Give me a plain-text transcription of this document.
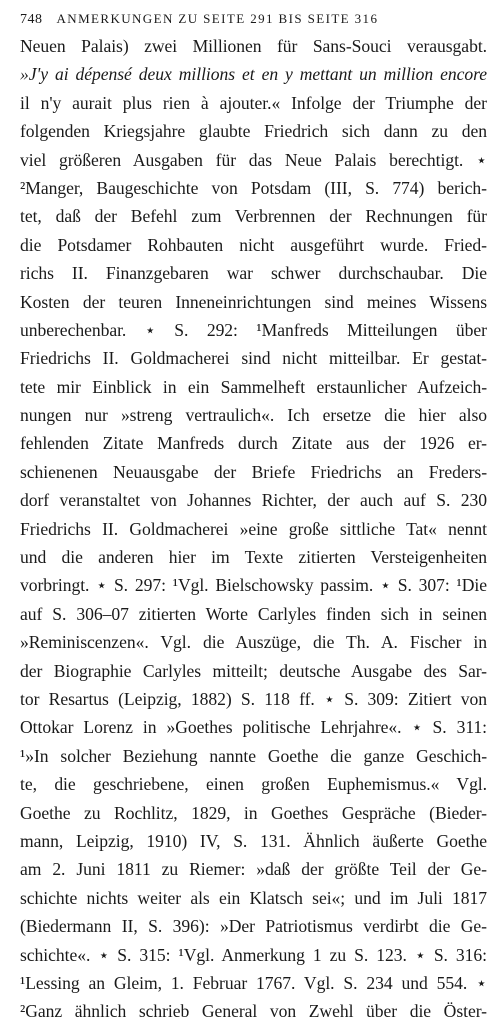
748 ANMERKUNGEN ZU SEITE 291 BIS SEITE 316
Neuen Palais) zwei Millionen für Sans-Souci verausgabt.
»J'y ai dépensé deux millions et en y mettant un million encore
il n'y aurait plus rien à ajouter.« Infolge der Triumphe der
folgenden Kriegsjahre glaubte Friedrich sich dann zu den
viel größeren Ausgaben für das Neue Palais berechtigt. ⋆
²Manger, Baugeschichte von Potsdam (III, S. 774) berich-
tet, daß der Befehl zum Verbrennen der Rechnungen für
die Potsdamer Rohbauten nicht ausgeführt wurde. Fried-
richs II. Finanzgebaren war schwer durchschaubar. Die
Kosten der teuren Inneneinrichtungen sind meines Wissens
unberechenbar. ⋆ S. 292: ¹Manfreds Mitteilungen über
Friedrichs II. Goldmacherei sind nicht mitteilbar. Er gestat-
tete mir Einblick in ein Sammelheft erstaunlicher Aufzeich-
nungen nur »streng vertraulich«. Ich ersetze die hier also
fehlenden Zitate Manfreds durch Zitate aus der 1926 er-
schienenen Neuausgabe der Briefe Friedrichs an Freders-
dorf veranstaltet von Johannes Richter, der auch auf S. 230
Friedrichs II. Goldmacherei »eine große sittliche Tat« nennt
und die anderen hier im Texte zitierten Versteigenheiten
vorbringt. ⋆ S. 297: ¹Vgl. Bielschowsky passim. ⋆ S. 307: ¹Die
auf S. 306–07 zitierten Worte Carlyles finden sich in seinen
»Reminiscenzen«. Vgl. die Auszüge, die Th. A. Fischer in
der Biographie Carlyles mitteilt; deutsche Ausgabe des Sar-
tor Resartus (Leipzig, 1882) S. 118 ff. ⋆ S. 309: Zitiert von
Ottokar Lorenz in »Goethes politische Lehrjahre«. ⋆ S. 311:
¹»In solcher Beziehung nannte Goethe die ganze Geschich-
te, die geschriebene, einen großen Euphemismus.« Vgl.
Goethe zu Rochlitz, 1829, in Goethes Gespräche (Bieder-
mann, Leipzig, 1910) IV, S. 131. Ähnlich äußerte Goethe
am 2. Juni 1811 zu Riemer: »daß der größte Teil der Ge-
schichte nichts weiter als ein Klatsch sei«; und im Juli 1817
(Biedermann II, S. 396): »Der Patriotismus verdirbt die Ge-
schichte«. ⋆ S. 315: ¹Vgl. Anmerkung 1 zu S. 123. ⋆ S. 316:
¹Lessing an Gleim, 1. Februar 1767. Vgl. S. 234 und 554. ⋆
²Ganz ähnlich schrieb General von Zwehl über die Öster-
